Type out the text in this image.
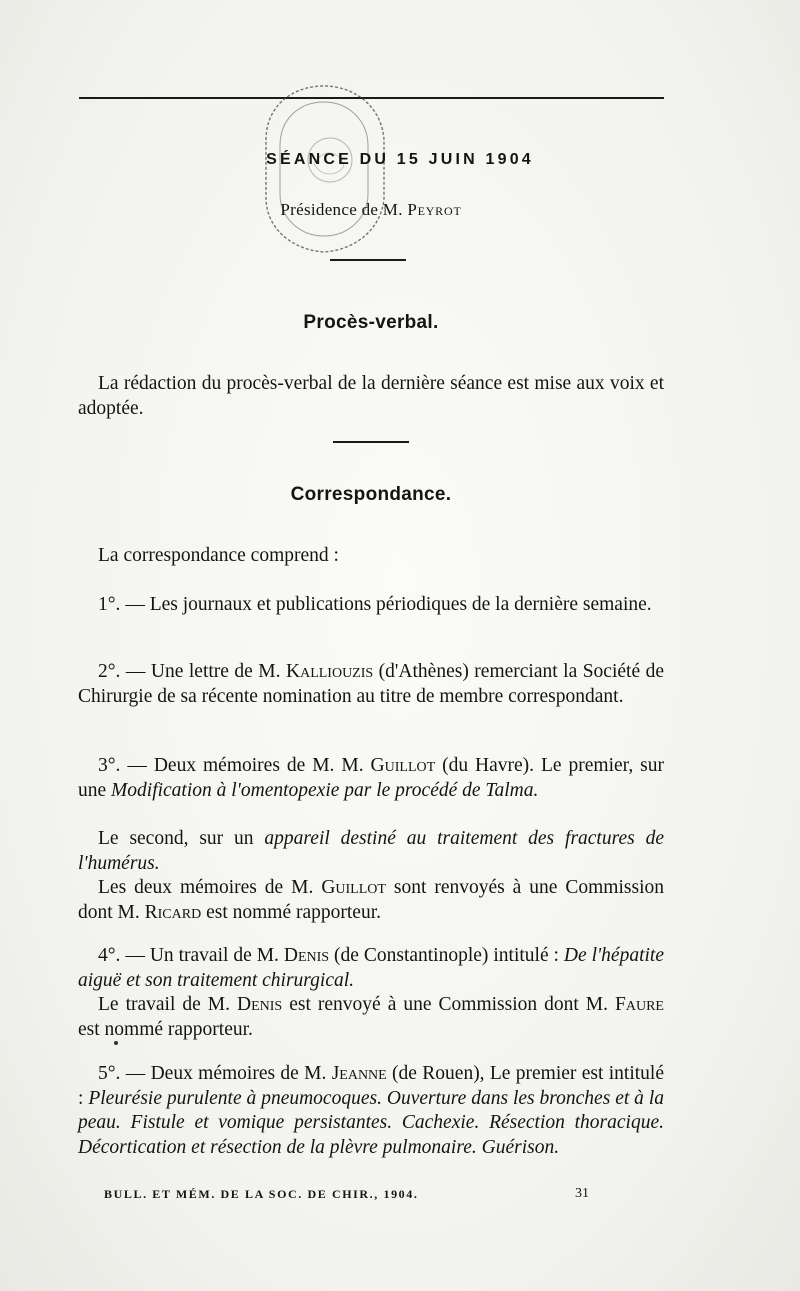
SÉANCE DU 15 JUIN 1904
Présidence de M. Peyrot
Procès-verbal.

La rédaction du procès-verbal de la dernière séance est mise aux voix et adoptée.

Correspondance.

La correspondance comprend :

1°. — Les journaux et publications périodiques de la dernière semaine.

2°. — Une lettre de M. Kalliouzis (d'Athènes) remerciant la Société de Chirurgie de sa récente nomination au titre de membre correspondant.

3°. — Deux mémoires de M. M. Guillot (du Havre). Le premier, sur une Modification à l'omentopexie par le procédé de Talma.

Le second, sur un appareil destiné au traitement des fractures de l'humérus.

Les deux mémoires de M. Guillot sont renvoyés à une Commission dont M. Ricard est nommé rapporteur.

4°. — Un travail de M. Denis (de Constantinople) intitulé : De l'hépatite aiguë et son traitement chirurgical.

Le travail de M. Denis est renvoyé à une Commission dont M. Faure est nommé rapporteur.

5°. — Deux mémoires de M. Jeanne (de Rouen), Le premier est intitulé : Pleurésie purulente à pneumocoques. Ouverture dans les bronches et à la peau. Fistule et vomique persistantes. Cachexie. Résection thoracique. Décortication et résection de la plèvre pulmonaire. Guérison.

BULL. ET MÉM. DE LA SOC. DE CHIR., 1904.	31
